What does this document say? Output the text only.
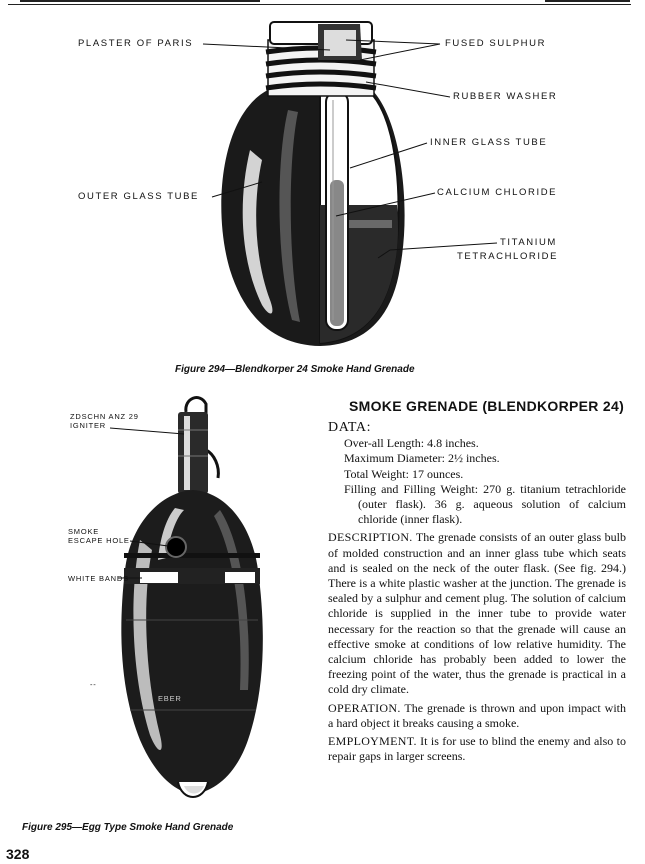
PLASTER OF PARIS	FUSED SULPHUR
RUBBER WASHER
INNER GLASS TUBE
OUTER GLASS TUBE	CALCIUM CHLORIDE
TITANIUM
TETRACHLORIDE
Figure 294—Blendkorper 24 Smoke Hand Grenade
ZDSCHN ANZ 29
IGNITER
SMOKE
ESCAPE HOLE
WHITE BANDS
EBER
--
Figure 295—Egg Type Smoke Hand Grenade
SMOKE GRENADE (BLENDKORPER 24)
DATA:
Over-all Length: 4.8 inches.
Maximum Diameter: 2½ inches.
Total Weight: 17 ounces.
Filling and Filling Weight: 270 g. titanium tetrachloride (outer flask). 36 g. aqueous solution of calcium chloride (inner flask).

DESCRIPTION. The grenade consists of an outer glass bulb of molded construction and an inner glass tube which seats and is sealed on the neck of the outer flask. (See fig. 294.) There is a white plastic washer at the junction. The grenade is sealed by a sulphur and cement plug. The solution of calcium chloride is supplied in the inner tube to provide water necessary for the reaction so that the grenade will cause an effective smoke at conditions of low relative humidity. The calcium chloride has probably been added to lower the freezing point of the water, thus the grenade is practical in a cold dry climate.

OPERATION. The grenade is thrown and upon impact with a hard object it breaks causing a smoke.

EMPLOYMENT. It is for use to blind the enemy and also to repair gaps in larger screens.

328
